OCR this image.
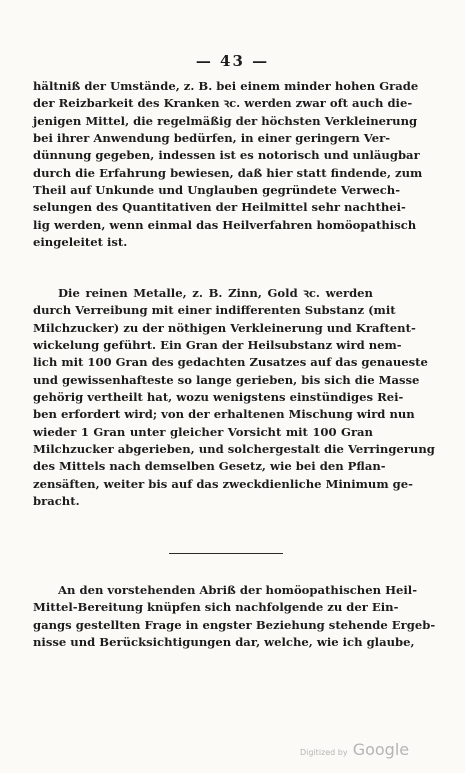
— 43 —
hältniß der Umstände, z. B. bei einem minder hohen Grade
der Reizbarkeit des Kranken ꝛc. werden zwar oft auch die-
jenigen Mittel, die regelmäßig der höchsten Verkleinerung
bei ihrer Anwendung bedürfen, in einer geringern Ver-
dünnung gegeben, indessen ist es notorisch und unläugbar
durch die Erfahrung bewiesen, daß hier statt findende, zum
Theil auf Unkunde und Unglauben gegründete Verwech-
selungen des Quantitativen der Heilmittel sehr nachthei-
lig werden, wenn einmal das Heilverfahren homöopathisch
eingeleitet ist.
Die reinen Metalle, z. B. Zinn, Gold ꝛc. werden
durch Verreibung mit einer indifferenten Substanz (mit
Milchzucker) zu der nöthigen Verkleinerung und Kraftent-
wickelung geführt. Ein Gran der Heilsubstanz wird nem-
lich mit 100 Gran des gedachten Zusatzes auf das genaueste
und gewissenhafteste so lange gerieben, bis sich die Masse
gehörig vertheilt hat, wozu wenigstens einstündiges Rei-
ben erfordert wird; von der erhaltenen Mischung wird nun
wieder 1 Gran unter gleicher Vorsicht mit 100 Gran
Milchzucker abgerieben, und solchergestalt die Verringerung
des Mittels nach demselben Gesetz, wie bei den Pflan-
zensäften, weiter bis auf das zweckdienliche Minimum ge-
bracht.
An den vorstehenden Abriß der homöopathischen Heil-
Mittel-Bereitung knüpfen sich nachfolgende zu der Ein-
gangs gestellten Frage in engster Beziehung stehende Ergeb-
nisse und Berücksichtigungen dar, welche, wie ich glaube,
Digitized by Google
